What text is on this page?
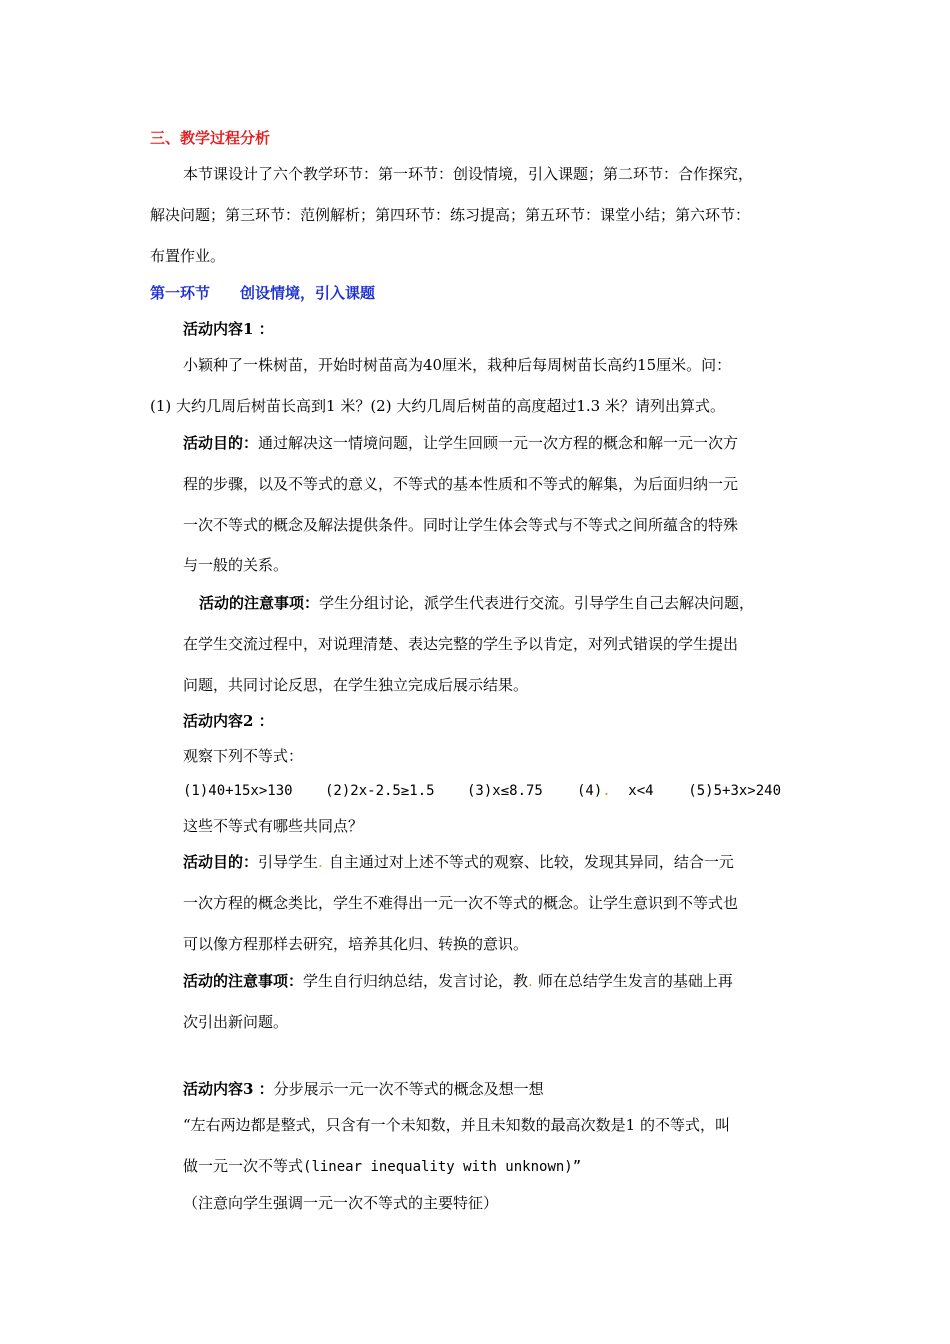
三、教学过程分析
本节课设计了六个教学环节：第一环节：创设情境，引入课题；第二环节：合作探究，
解决问题；第三环节：范例解析；第四环节：练习提高；第五环节：课堂小结；第六环节：
布置作业。
第一环节 创设情境，引入课题
活动内容1 ：
小颖种了一株树苗，开始时树苗高为40厘米，栽种后每周树苗长高约15厘米。问：
(1) 大约几周后树苗长高到1 米？(2) 大约几周后树苗的高度超过1.3 米？请列出算式。
活动目的：通过解决这一情境问题，让学生回顾一元一次方程的概念和解一元一次方
程的步骤，以及不等式的意义，不等式的基本性质和不等式的解集，为后面归纳一元
一次不等式的概念及解法提供条件。同时让学生体会等式与不等式之间所蕴含的特殊
与一般的关系。
活动的注意事项：学生分组讨论，派学生代表进行交流。引导学生自己去解决问题，
在学生交流过程中，对说理清楚、表达完整的学生予以肯定，对列式错误的学生提出
问题，共同讨论反思，在学生独立完成后展示结果。
活动内容2 ：
观察下列不等式：
(1)40+15x>130 (2)2x-2.5≥1.5 (3)x≤8.75 (4). x<4 (5)5+3x>240
这些不等式有哪些共同点？
活动目的：引导学生. 自主通过对上述不等式的观察、比较，发现其异同，结合一元
一次方程的概念类比，学生不难得出一元一次不等式的概念。让学生意识到不等式也
可以像方程那样去研究，培养其化归、转换的意识。
活动的注意事项：学生自行归纳总结，发言讨论，教. 师在总结学生发言的基础上再
次引出新问题。
活动内容3 ：分步展示一元一次不等式的概念及想一想
“左右两边都是整式，只含有一个未知数，并且未知数的最高次数是1 的不等式，叫
做一元一次不等式(linear inequality with unknown)”
（注意向学生强调一元一次不等式的主要特征）
